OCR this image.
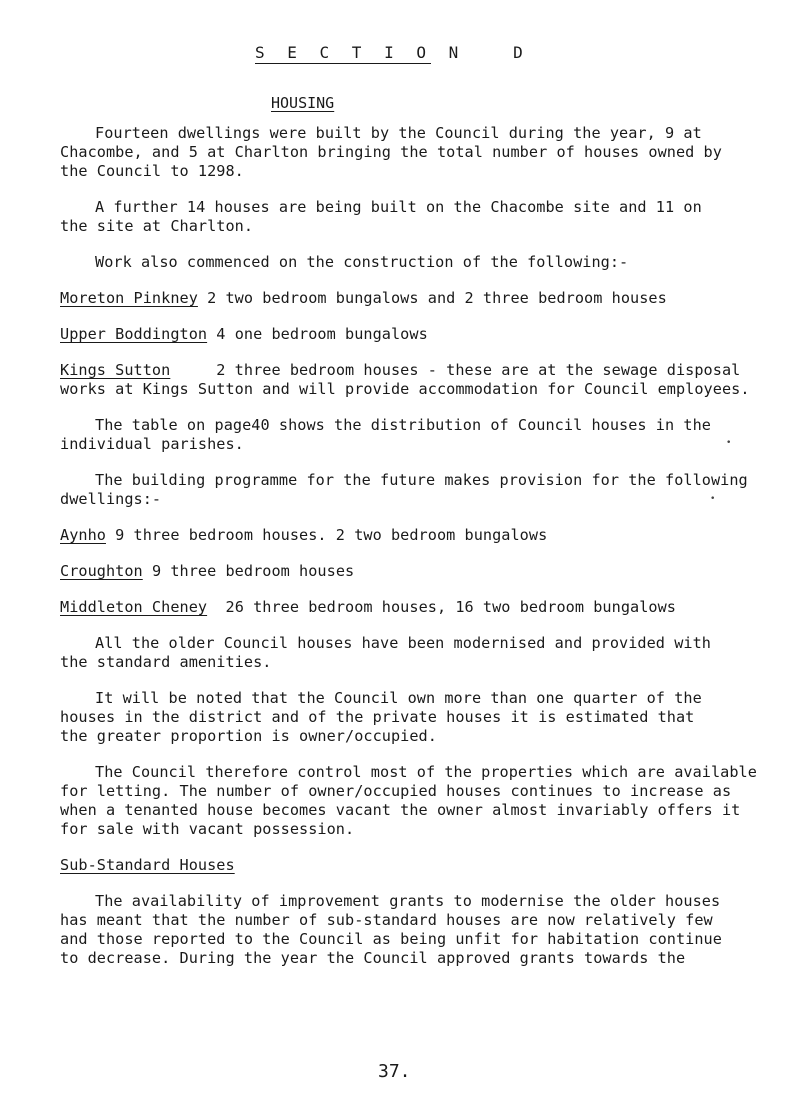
S E C T I O N   D
HOUSING
Fourteen dwellings were built by the Council during the year, 9 at
Chacombe, and 5 at Charlton bringing the total number of houses owned by
the Council to 1298.
A further 14 houses are being built on the Chacombe site and 11 on
the site at Charlton.
Work also commenced on the construction of the following:-
Moreton Pinkney 2 two bedroom bungalows and 2 three bedroom houses
Upper Boddington 4 one bedroom bungalows
Kings Sutton     2 three bedroom houses - these are at the sewage disposal
works at Kings Sutton and will provide accommodation for Council employees.
The table on page40 shows the distribution of Council houses in the
individual parishes.	•
The building programme for the future makes provision for the following
dwellings:-	•
Aynho 9 three bedroom houses. 2 two bedroom bungalows
Croughton 9 three bedroom houses
Middleton Cheney  26 three bedroom houses, 16 two bedroom bungalows
All the older Council houses have been modernised and provided with
the standard amenities.
It will be noted that the Council own more than one quarter of the
houses in the district and of the private houses it is estimated that
the greater proportion is owner/occupied.
The Council therefore control most of the properties which are available
for letting. The number of owner/occupied houses continues to increase as
when a tenanted house becomes vacant the owner almost invariably offers it
for sale with vacant possession.
Sub-Standard Houses
The availability of improvement grants to modernise the older houses
has meant that the number of sub-standard houses are now relatively few
and those reported to the Council as being unfit for habitation continue
to decrease. During the year the Council approved grants towards the
37.
